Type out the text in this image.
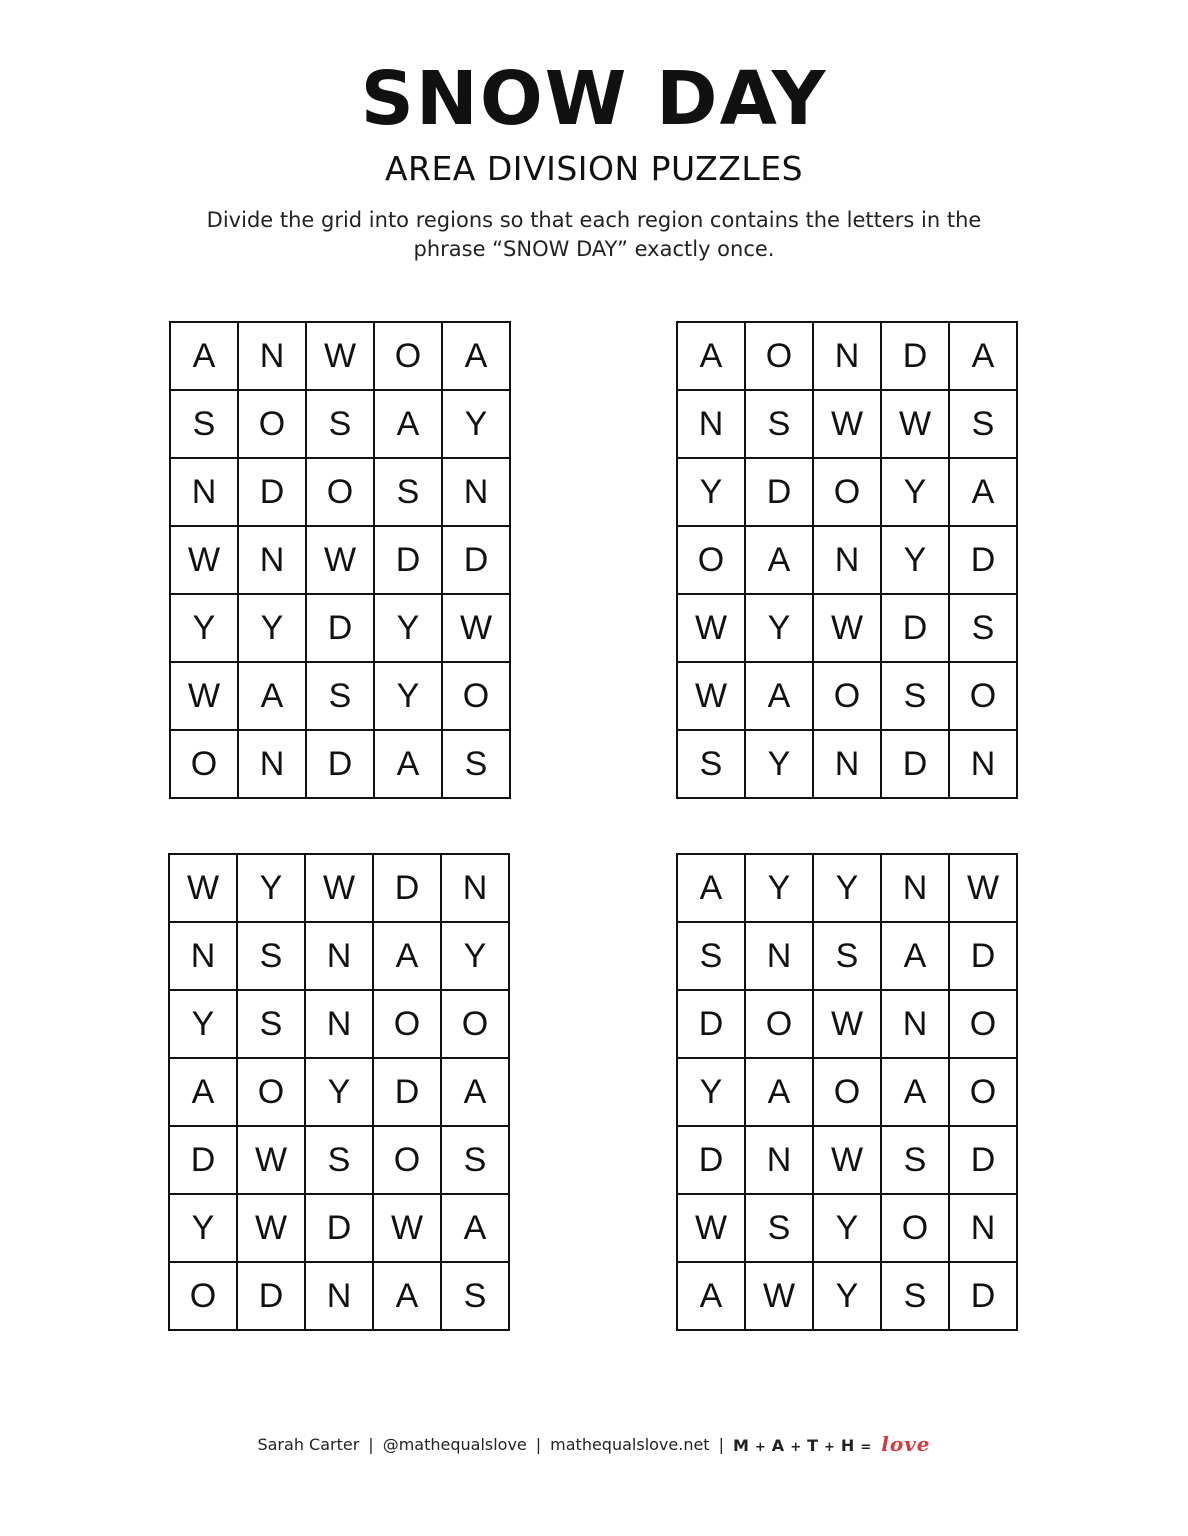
SNOW DAY
AREA DIVISION PUZZLES
Divide the grid into regions so that each region contains the letters in the
phrase “SNOW DAY” exactly once.
A	N	W	O	A
S	O	S	A	Y
N	D	O	S	N
W	N	W	D	D
Y	Y	D	Y	W
W	A	S	Y	O
O	N	D	A	S
A	O	N	D	A
N	S	W	W	S
Y	D	O	Y	A
O	A	N	Y	D
W	Y	W	D	S
W	A	O	S	O
S	Y	N	D	N
W	Y	W	D	N
N	S	N	A	Y
Y	S	N	O	O
A	O	Y	D	A
D	W	S	O	S
Y	W	D	W	A
O	D	N	A	S
A	Y	Y	N	W
S	N	S	A	D
D	O	W	N	O
Y	A	O	A	O
D	N	W	S	D
W	S	Y	O	N
A	W	Y	S	D
Sarah Carter | @mathequalslove | mathequalslove.net | M + A + T + H = love
